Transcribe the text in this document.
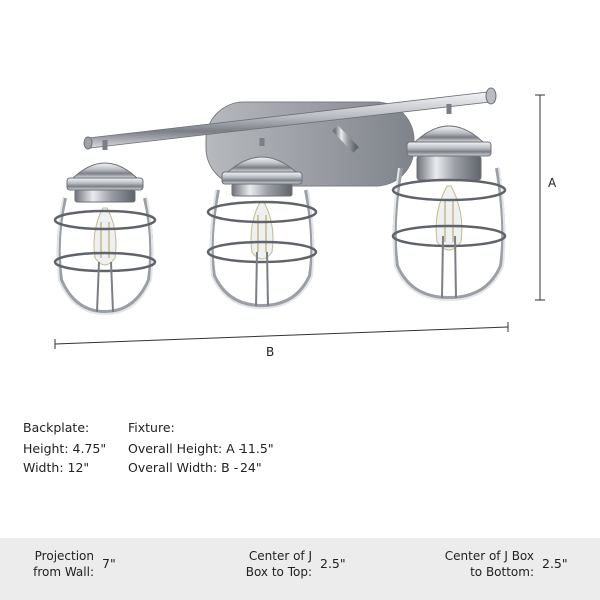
A
B
Backplate:
Height: 4.75"
Width: 12"
Fixture:
Overall Height: A - 11.5"
Overall Width: B - 24"
Projection
from Wall:7"	Center of J
Box to Top:2.5"	Center of J Box
to Bottom:2.5"
